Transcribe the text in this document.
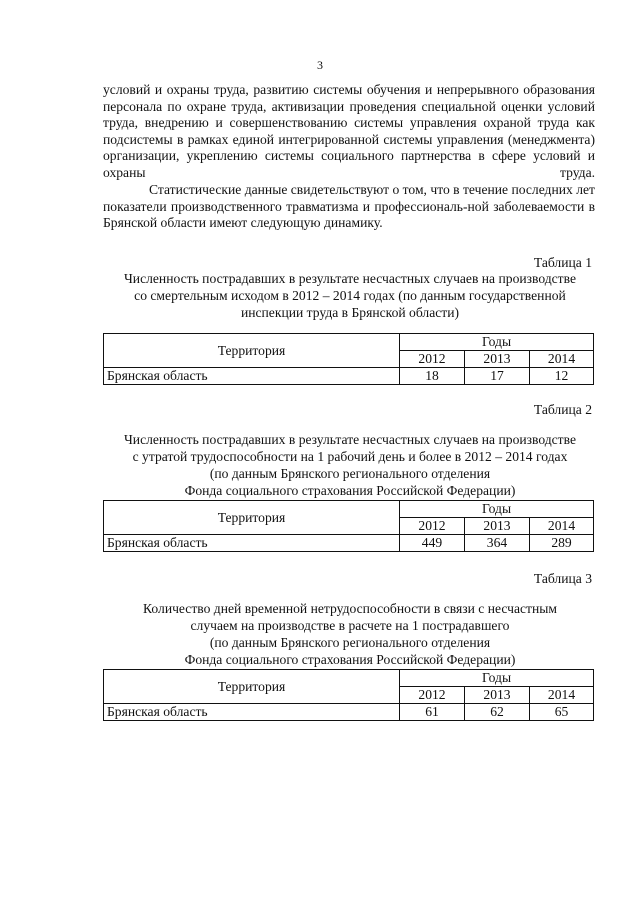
3

условий и охраны труда, развитию системы обучения и непрерывного образования персонала по охране труда, активизации проведения специальной оценки условий труда, внедрению и совершенствованию системы управления охраной труда как подсистемы в рамках единой интегрированной системы управления (менеджмента) организации, укреплению системы социального партнерства в сфере условий и охраны труда.

Статистические данные свидетельствуют о том, что в течение последних лет показатели производственного травматизма и профессиональ-ной заболеваемости в Брянской области имеют следующую динамику.

Таблица 1
Численность пострадавших в результате несчастных случаев на производстве
со смертельным исходом в 2012 – 2014 годах (по данным государственной
инспекции труда в Брянской области)
Территория	Годы		
	2012	2013	2014
Брянская область	18	17	12
Таблица 2
Численность пострадавших в результате несчастных случаев на производстве
с утратой трудоспособности на 1 рабочий день и более в 2012 – 2014 годах
(по данным Брянского регионального отделения
Фонда социального страхования Российской Федерации)
Территория	Годы		
	2012	2013	2014
Брянская область	449	364	289
Таблица 3
Количество дней временной нетрудоспособности в связи с несчастным
случаем на производстве в расчете на 1 пострадавшего
(по данным Брянского регионального отделения
Фонда социального страхования Российской Федерации)
Территория	Годы		
	2012	2013	2014
Брянская область	61	62	65
